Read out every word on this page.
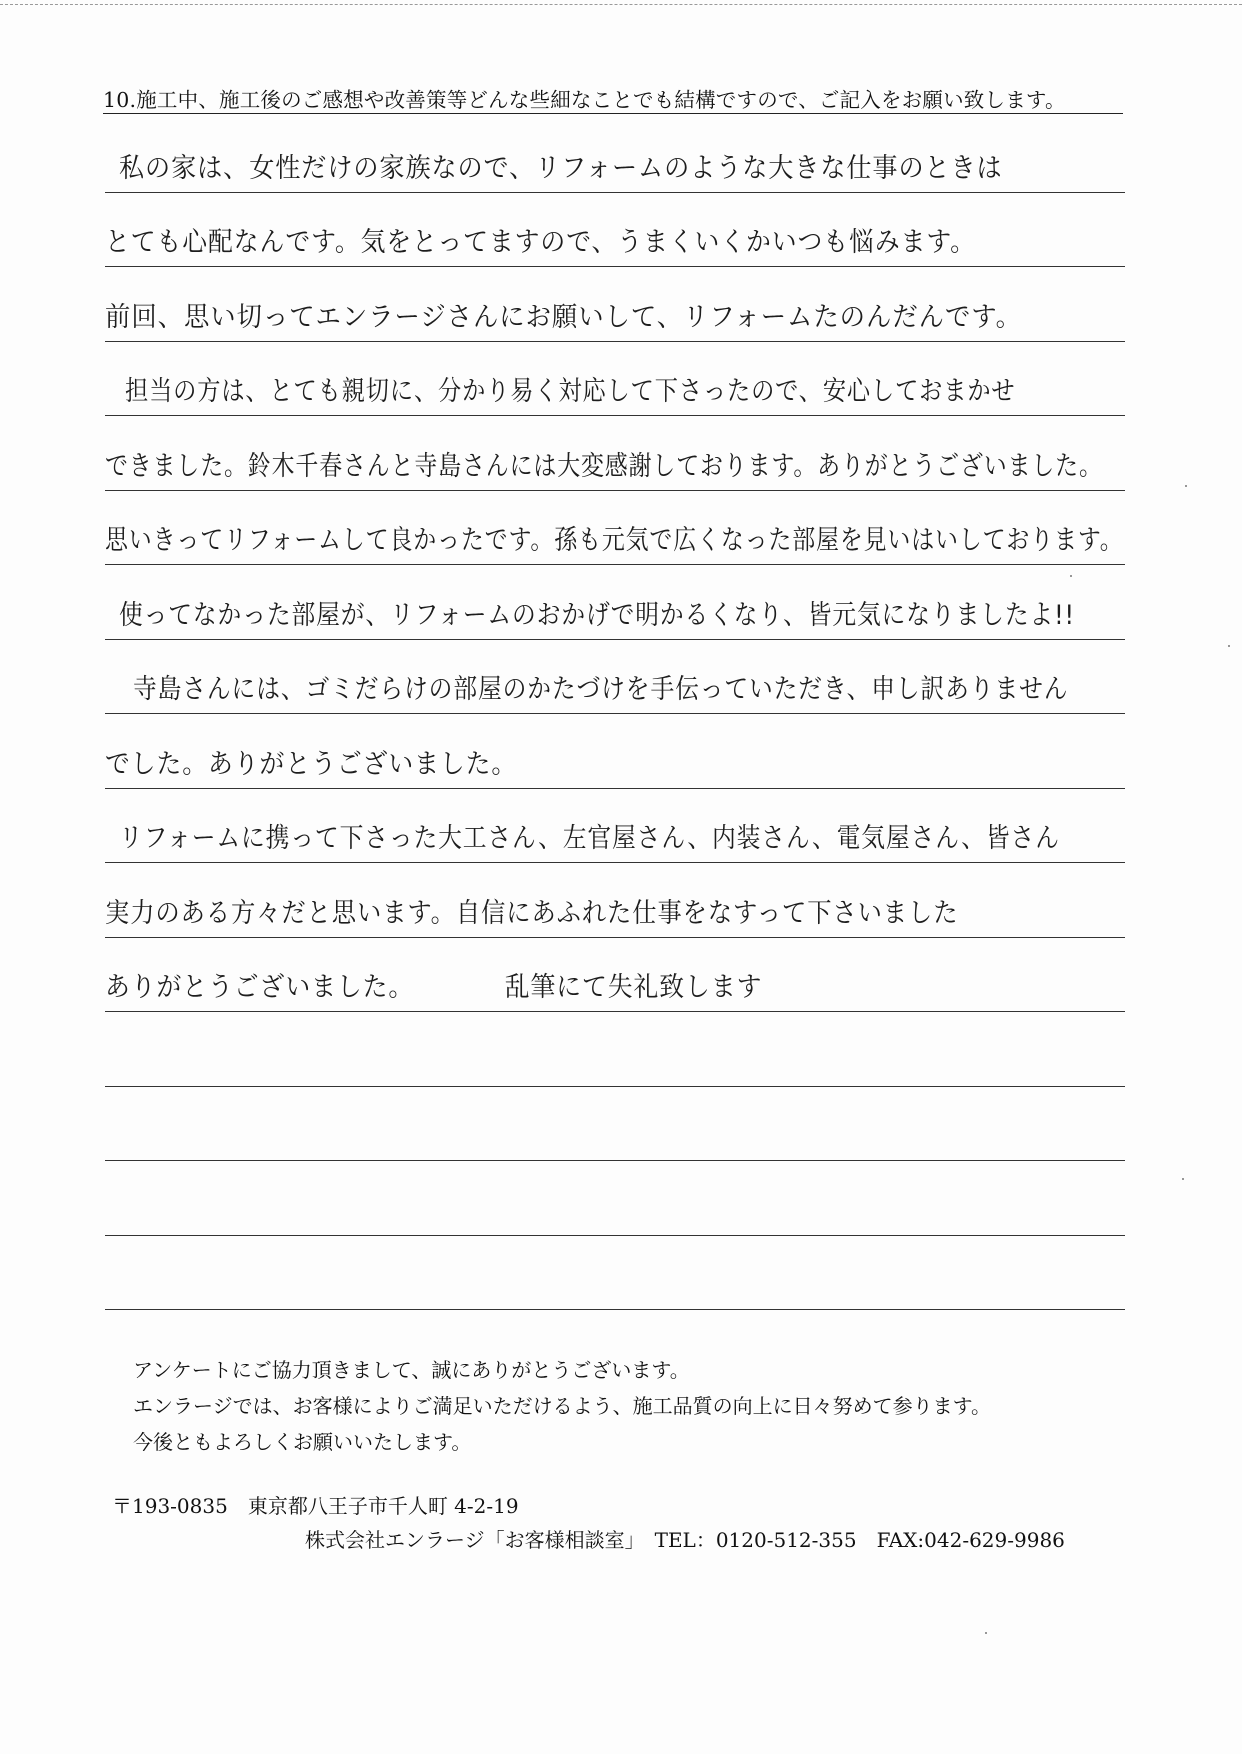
10.施工中、施工後のご感想や改善策等どんな些細なことでも結構ですので、ご記入をお願い致します。
私の家は、女性だけの家族なので、リフォームのような大きな仕事のときは
とても心配なんです。気をとってますので、うまくいくかいつも悩みます。
前回、思い切ってエンラージさんにお願いして、リフォームたのんだんです。
担当の方は、とても親切に、分かり易く対応して下さったので、安心しておまかせ
できました。鈴木千春さんと寺島さんには大変感謝しております。ありがとうございました。
思いきってリフォームして良かったです。孫も元気で広くなった部屋を見いはいしております。
使ってなかった部屋が、リフォームのおかげで明かるくなり、皆元気になりましたよ!!
寺島さんには、ゴミだらけの部屋のかたづけを手伝っていただき、申し訳ありません
でした。ありがとうございました。
リフォームに携って下さった大工さん、左官屋さん、内装さん、電気屋さん、皆さん
実力のある方々だと思います。自信にあふれた仕事をなすって下さいました
ありがとうございました。　　　　乱筆にて失礼致します
アンケートにご協力頂きまして、誠にありがとうございます。
エンラージでは、お客様によりご満足いただけるよう、施工品質の向上に日々努めて参ります。
今後ともよろしくお願いいたします。
〒193-0835　東京都八王子市千人町 4-2-19
株式会社エンラージ「お客様相談室」　TEL：0120-512-355　FAX:042-629-9986
